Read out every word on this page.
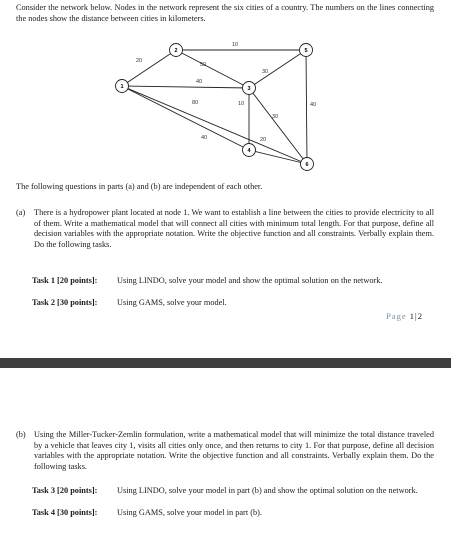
Consider the network below. Nodes in the network represent the six cities of a country. The numbers on the lines connecting the nodes show the distance between cities in kilometers.
20
10
50
40
80
40
30
10
30
20
40
1
2
3
4
5
6
The following questions in parts (a) and (b) are independent of each other.
(a) There is a hydropower plant located at node 1. We want to establish a line between the cities to provide electricity to all of them. Write a mathematical model that will connect all cities with minimum total length. For that purpose, define all decision variables with the appropriate notation. Write the objective function and all constraints. Verbally explain them. Do the following tasks.
Task 1 [20 points]: Using LINDO, solve your model and show the optimal solution on the network.
Task 2 [30 points]: Using GAMS, solve your model.
Page 1|2
(b) Using the Miller-Tucker-Zemlin formulation, write a mathematical model that will minimize the total distance traveled by a vehicle that leaves city 1, visits all cities only once, and then returns to city 1. For that purpose, define all decision variables with the appropriate notation. Write the objective function and all constraints. Verbally explain them. Do the following tasks.
Task 3 [20 points]: Using LINDO, solve your model in part (b) and show the optimal solution on the network.
Task 4 [30 points]: Using GAMS, solve your model in part (b).
